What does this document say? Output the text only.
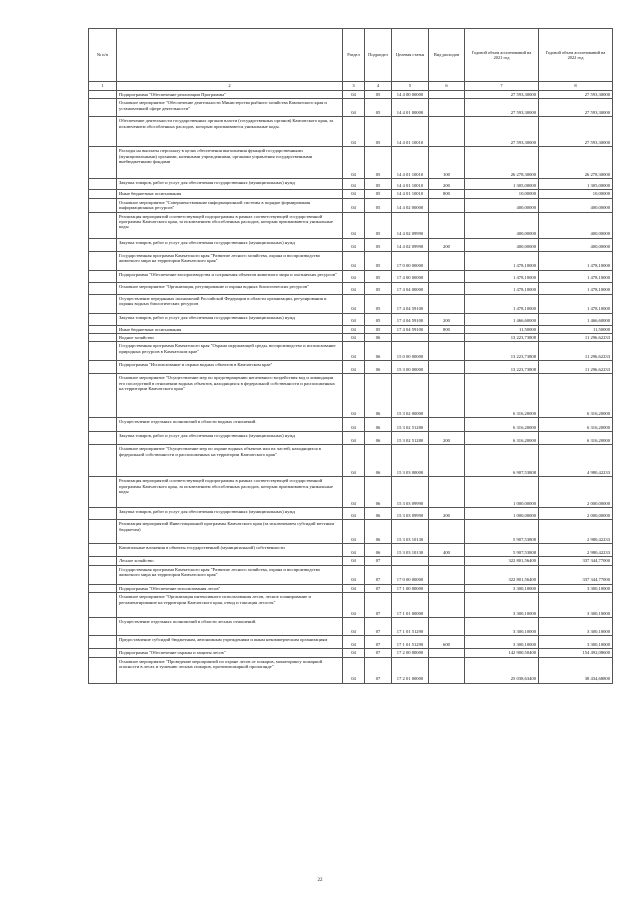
№ п/п		Раздел	Подраздел	Целевая статья	Вид расходов	Годовой объем ассигнований на 2021 год	Годовой объем ассигнований на 2022 год
1	2	3	4	5	6	7	8
	Подпрограмма "Обеспечение реализации Программы"	04	05	14 4 00 00000		27 593,30000	27 593,30000
	Основное мероприятие "Обеспечение деятельности Министерства рыбного хозяйства Камчатского края и установленной сфере деятельности"	04	05	14 4 01 00000		27 593,30000	27 593,30000
	Обеспечение деятельности государственных органов власти (государственных органов) Камчатского края, за исключением обособленных расходов, которым присваиваются уникальные коды.	04	05	14 4 01 10010		27 593,30000	27 593,30000
	Расходы на выплаты персоналу в целях обеспечения выполнения функций государственными (муниципальными) органами, казенными учреждениями, органами управления государственными внебюджетными фондами	04	05	14 4 01 10010	100	26 278,30000	26 278,30000
	Закупка товаров, работ и услуг для обеспечения государственных (муниципальных) нужд	04	05	14 4 01 10010	200	1 305,00000	1 305,00000
	Иные бюджетные ассигнования	04	05	14 4 01 10010	800	10,00000	10,00000
	Основное мероприятие "Совершенствование информационной системы в порядке формирования информационных ресурсов"	04	05	14 4 02 00000		400,00000	400,00000
	Реализация мероприятий соответствующей подпрограммы в рамках соответствующей государственной программы Камчатского края, за исключением обособленных расходов, которым присваиваются уникальные коды	04	05	14 4 02 09990		400,00000	400,00000
	Закупка товаров, работ и услуг для обеспечения государственных (муниципальных) нужд	04	05	14 4 02 09990	200	400,00000	400,00000
	Государственная программа Камчатского края "Развитие лесного хозяйства, охрана и воспроизводство животного мира на территории Камчатского края"	04	05	17 0 00 00000		1 478,10000	1 478,10000
	Подпрограмма "Обеспечение воспроизводства и сохранения объектов животного мира и охотничьих ресурсов"	04	05	17 4 00 00000		1 478,10000	1 478,10000
	Основное мероприятие "Организация, регулирование и охрана водных биологических ресурсов"	04	05	17 4 04 00000		1 478,10000	1 478,10000
	Осуществление переданных полномочий Российской Федерации в области организации, регулирования и охраны водных биологических ресурсов	04	05	17 4 04 59100		1 478,10000	1 478,10000
	Закупка товаров, работ и услуг для обеспечения государственных (муниципальных) нужд	04	05	17 4 04 59100	200	1 466,60000	1 466,60000
	Иные бюджетные ассигнования	04	05	17 4 04 59100	800	11,50000	11,50000
	Водное хозяйство	04	06			13 223,73808	11 296,62233
	Государственная программа Камчатского края "Охрана окружающей среды, воспроизводство и использование природных ресурсов в Камчатском крае"	04	06	15 0 00 00000		13 223,73808	11 296,62233
	Подпрограмма "Использование и охрана водных объектов в Камчатском крае"	04	06	15 3 00 00000		13 223,73808	11 296,62233
	Основное мероприятие "Осуществление мер по предотвращению негативного воздействия вод и ликвидации его последствий в отношении водных объектов, находящихся в федеральной собственности и расположенных на территории Камчатского края"	04	06	15 3 02 00000		6 316,20000	6 316,20000
	Осуществление отдельных полномочий в области водных отношений.	04	06	15 3 02 51280		6 316,20000	6 316,20000
	Закупка товаров, работ и услуг для обеспечения государственных (муниципальных) нужд	04	06	15 3 02 51280	200	6 316,20000	6 316,20000
	Основное мероприятие "Осуществление мер по охране водных объектов или их частей, находящихся в федеральной собственности и расположенных на территории Камчатского края"	04	06	15 3 03 00000		6 907,53808	4 980,42233
	Реализация мероприятий соответствующей подпрограммы в рамках соответствующей государственной программы Камчатского края, за исключением обособленных расходов, которым присваиваются уникальные коды	04	06	15 3 03 09990		1 000,00000	2 000,00000
	Закупка товаров, работ и услуг для обеспечения государственных (муниципальных) нужд	04	06	15 3 03 09990	200	1 000,00000	2 000,00000
	Реализация мероприятий Инвестиционной программы Камчатского края (за исключением субсидий местным бюджетам)	04	06	15 3 03 10130		5 907,53808	2 980,42233
	Капитальные вложения в объекты государственной (муниципальной) собственности	04	06	15 3 03 10130	400	5 907,53808	2 980,42233
	Лесное хозяйство	04	07			322 801,56400	337 344,77000
	Государственная программа Камчатского края "Развитие лесного хозяйства, охрана и воспроизводство животного мира на территории Камчатского края"	04	07	17 0 00 00000		322 801,56400	337 344,77000
	Подпрограмма "Обеспечение использования лесов"	04	07	17 1 00 00000		3 300,10000	3 300,10000
	Основное мероприятие "Организация интенсивного использования лесов, лесное планирование и регламентирование на территории Камчатского края, отвод и таксация лесосек"	04	07	17 1 01 00000		3 300,10000	3 300,10000
	Осуществление отдельных полномочий в области лесных отношений.	04	07	17 1 01 51290		3 300,10000	3 300,10000
	Предоставление субсидий бюджетным, автономным учреждениям и иным некоммерческим организациям	04	07	17 1 01 51290	600	3 300,10000	3 300,10000
	Подпрограмма "Обеспечение охраны и защиты лесов"	04	07	17 2 00 00000		142 900,50400	154 492,08600
	Основное мероприятие "Проведение мероприятий по охране лесов от пожаров, мониторингу пожарной опасности в лесах и тушению лесных пожаров, противопожарной пропаганде"	04	07	17 2 01 00000		25 038,63400	38 434,68800
22
